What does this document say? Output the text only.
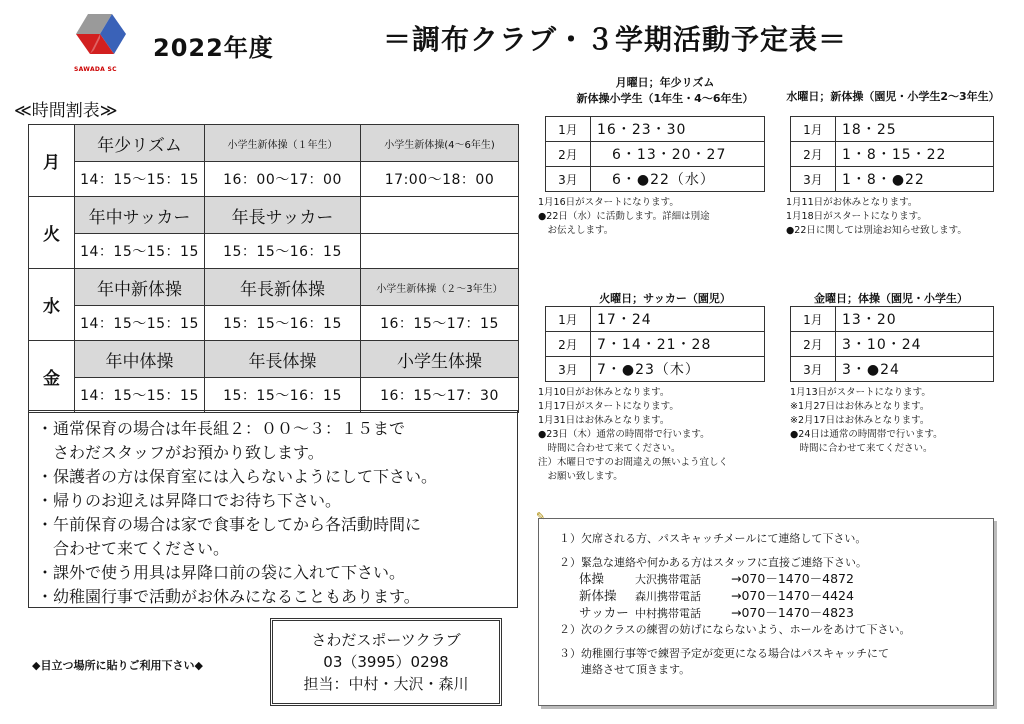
SAWADA SC
2022年度	＝調布クラブ・３学期活動予定表＝
≪時間割表≫
月	年少リズム	小学生新体操（１年生）	小学生新体操(4～6年生)
	14：15～15：15	16：00～17：00	17:00～18：00
火	年中サッカー	年長サッカー	
	14：15～15：15	15：15～16：15	
水	年中新体操	年長新体操	小学生新体操（２～3年生）
	14：15～15：15	15：15～16：15	16：15～17：15
金	年中体操	年長体操	小学生体操
	14：15～15：15	15：15～16：15	16：15～17：30
・通常保育の場合は年長組２：００～３：１５まで
　さわだスタッフがお預かり致します。
・保護者の方は保育室には入らないようにして下さい。
・帰りのお迎えは昇降口でお待ち下さい。
・午前保育の場合は家で食事をしてから各活動時間に
　合わせて来てください。
・課外で使う用具は昇降口前の袋に入れて下さい。
・幼稚園行事で活動がお休みになることもあります。
さわだスポーツクラブ
03（3995）0298
担当：中村・大沢・森川
◆目立つ場所に貼りご利用下さい◆
月曜日；年少リズム
新体操小学生（1年生・4～6年生）
1月	16・23・30
2月	　6・13・20・27
3月	　6・●22（水）
1月16日がスタートになります。
●22日（水）に活動します。詳細は別途
　お伝えします。
水曜日；新体操（園児・小学生2～3年生）
1月	18・25
2月	1・8・15・22
3月	1・8・●22
1月11日がお休みとなります。
1月18日がスタートになります。
●22日に関しては別途お知らせ致します。
火曜日；サッカー（園児）
1月	17・24
2月	7・14・21・28
3月	7・●23（木）
1月10日がお休みとなります。
1月17日がスタートになります。
1月31日はお休みとなります。
●23日（木）通常の時間帯で行います。
　時間に合わせて来てください。
注）木曜日ですのお間違えの無いよう宜しく
　お願い致します。
金曜日；体操（園児・小学生）
1月	13・20
2月	3・10・24
3月	3・●24
1月13日がスタートになります。
※1月27日はお休みとなります。
※2月17日はお休みとなります。
●24日は通常の時間帯で行います。
　時間に合わせて来てください。
✎
１）欠席される方、パスキャッチメールにて連絡して下さい。
２）緊急な連絡や何かある方はスタッフに直接ご連絡下さい。
体操	大沢携帯電話 →070－1470－4872
新体操 森川携帯電話 →070－1470－4424
サッカー 中村携帯電話 →070－1470－4823
２）次のクラスの練習の妨げにならないよう、ホールをあけて下さい。
３）幼稚園行事等で練習予定が変更になる場合はパスキャッチにて
　　連絡させて頂きます。
